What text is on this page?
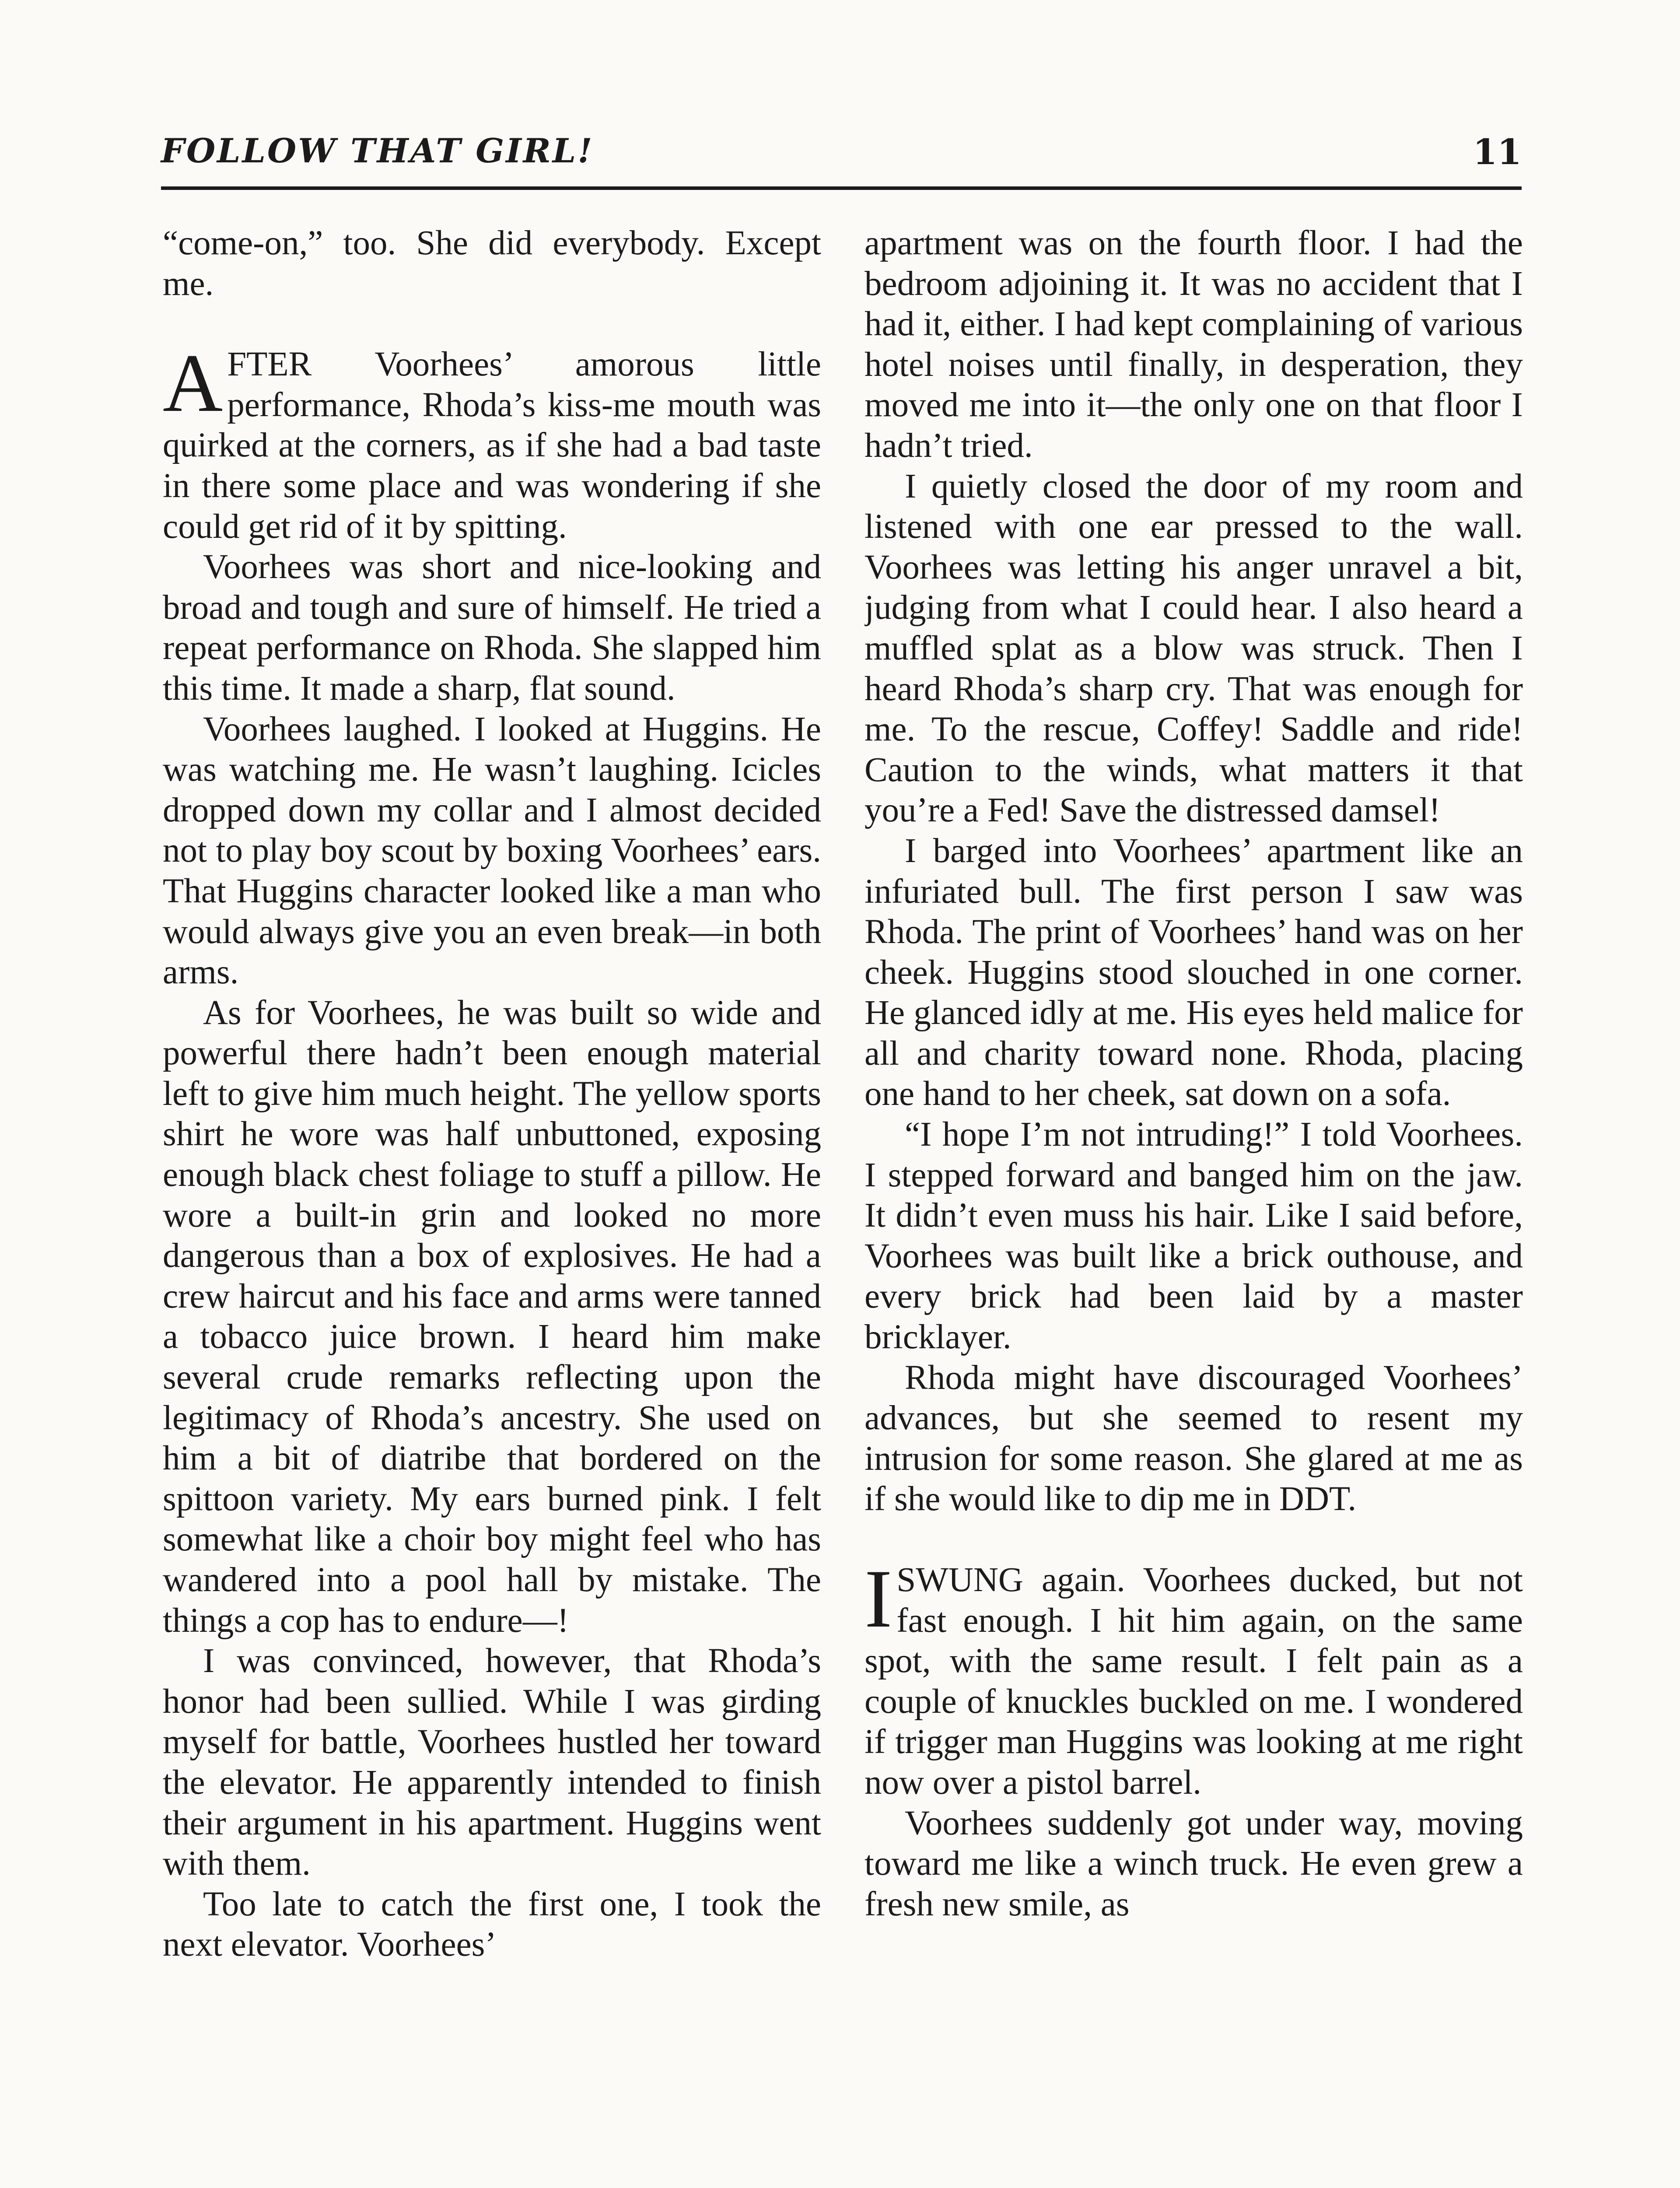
FOLLOW THAT GIRL!	11

“come-on,” too. She did everybody. Except me.

AFTER Voorhees’ amorous little performance, Rhoda’s kiss-me mouth was quirked at the corners, as if she had a bad taste in there some place and was wondering if she could get rid of it by spitting.

Voorhees was short and nice-looking and broad and tough and sure of himself. He tried a repeat performance on Rhoda. She slapped him this time. It made a sharp, flat sound.

Voorhees laughed. I looked at Huggins. He was watching me. He wasn’t laughing. Icicles dropped down my collar and I almost decided not to play boy scout by boxing Voorhees’ ears. That Huggins character looked like a man who would always give you an even break—in both arms.

As for Voorhees, he was built so wide and powerful there hadn’t been enough material left to give him much height. The yellow sports shirt he wore was half unbuttoned, exposing enough black chest foliage to stuff a pillow. He wore a built-in grin and looked no more dangerous than a box of explosives. He had a crew haircut and his face and arms were tanned a tobacco juice brown. I heard him make several crude remarks reflecting upon the legitimacy of Rhoda’s ancestry. She used on him a bit of diatribe that bordered on the spittoon variety. My ears burned pink. I felt somewhat like a choir boy might feel who has wandered into a pool hall by mistake. The things a cop has to endure—!

I was convinced, however, that Rhoda’s honor had been sullied. While I was girding myself for battle, Voorhees hustled her toward the elevator. He apparently intended to finish their argument in his apartment. Huggins went with them.

Too late to catch the first one, I took the next elevator. Voorhees’

apartment was on the fourth floor. I had the bedroom adjoining it. It was no accident that I had it, either. I had kept complaining of various hotel noises until finally, in desperation, they moved me into it—the only one on that floor I hadn’t tried.

I quietly closed the door of my room and listened with one ear pressed to the wall. Voorhees was letting his anger unravel a bit, judging from what I could hear. I also heard a muffled splat as a blow was struck. Then I heard Rhoda’s sharp cry. That was enough for me. To the rescue, Coffey! Saddle and ride! Caution to the winds, what matters it that you’re a Fed! Save the distressed damsel!

I barged into Voorhees’ apartment like an infuriated bull. The first person I saw was Rhoda. The print of Voorhees’ hand was on her cheek. Huggins stood slouched in one corner. He glanced idly at me. His eyes held malice for all and charity toward none. Rhoda, placing one hand to her cheek, sat down on a sofa.

“I hope I’m not intruding!” I told Voorhees. I stepped forward and banged him on the jaw. It didn’t even muss his hair. Like I said before, Voorhees was built like a brick outhouse, and every brick had been laid by a master bricklayer.

Rhoda might have discouraged Voorhees’ advances, but she seemed to resent my intrusion for some reason. She glared at me as if she would like to dip me in DDT.

ISWUNG again. Voorhees ducked, but not fast enough. I hit him again, on the same spot, with the same result. I felt pain as a couple of knuckles buckled on me. I wondered if trigger man Huggins was looking at me right now over a pistol barrel.

Voorhees suddenly got under way, moving toward me like a winch truck. He even grew a fresh new smile, as
